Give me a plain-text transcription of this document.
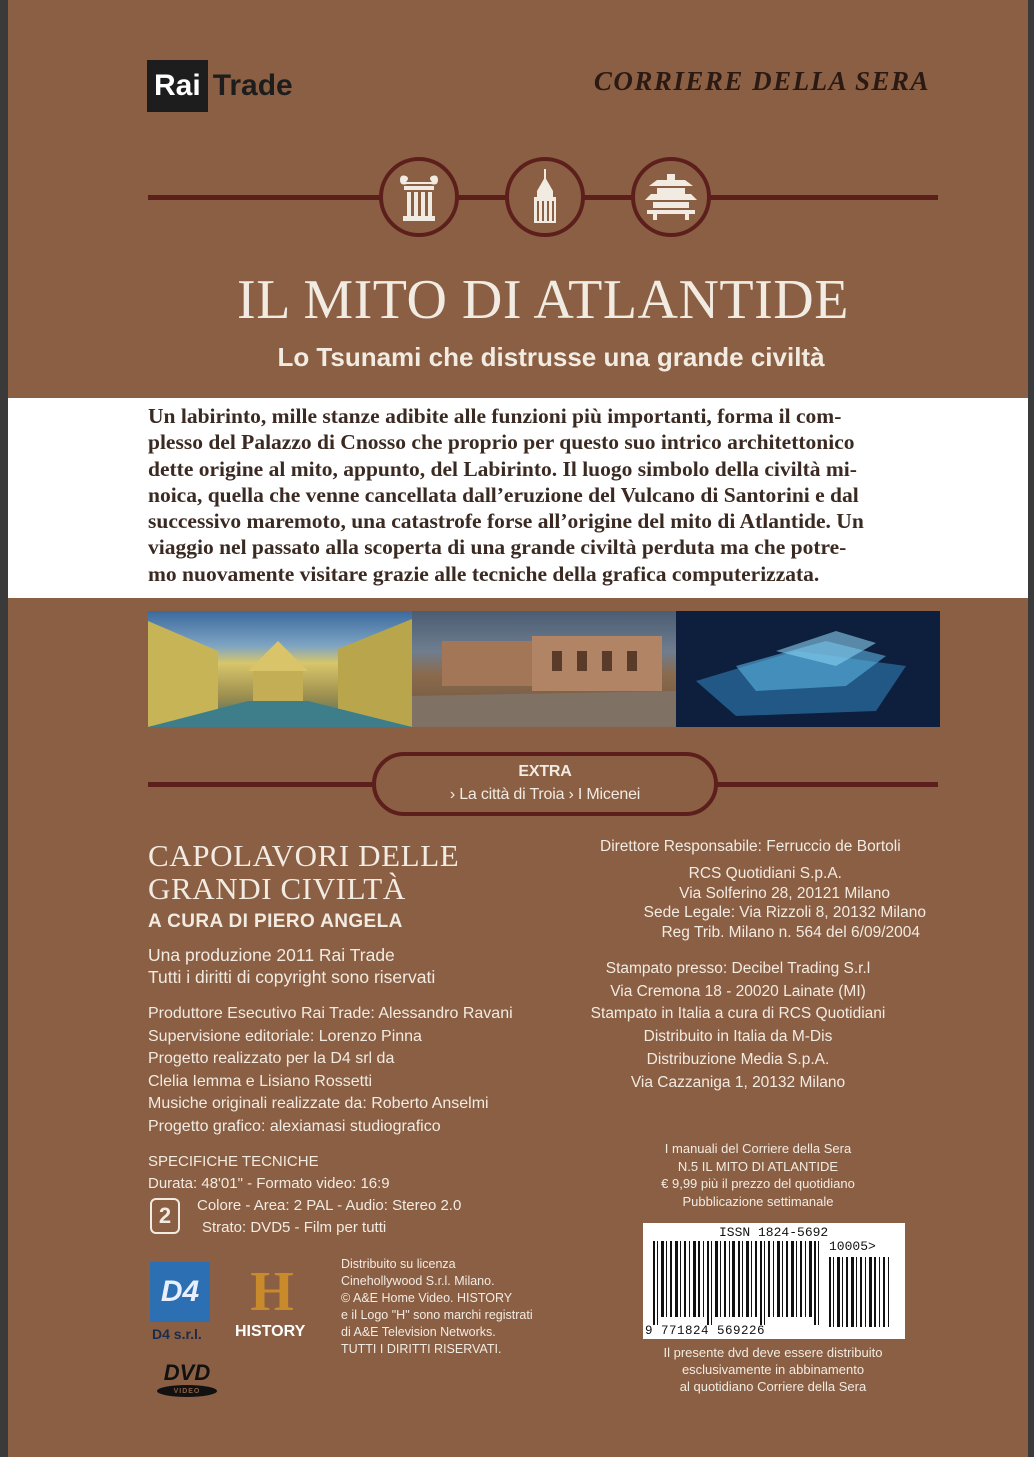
Rai Trade	CORRIERE DELLA SERA
IL MITO DI ATLANTIDE
Lo Tsunami che distrusse una grande civiltà
Un labirinto, mille stanze adibite alle funzioni più importanti, forma il com-
plesso del Palazzo di Cnosso che proprio per questo suo intrico architettonico
dette origine al mito, appunto, del Labirinto. Il luogo simbolo della civiltà mi-
noica, quella che venne cancellata dall’eruzione del Vulcano di Santorini e dal
successivo maremoto, una catastrofe forse all’origine del mito di Atlantide. Un
viaggio nel passato alla scoperta di una grande civiltà perduta ma che potre-
mo nuovamente visitare grazie alle tecniche della grafica computerizzata.
EXTRA
› La città di Troia › I Micenei
CAPOLAVORI DELLE
GRANDI CIVILTÀ
A CURA DI PIERO ANGELA
Una produzione 2011 Rai Trade
Tutti i diritti di copyright sono riservati
Produttore Esecutivo Rai Trade: Alessandro Ravani
Supervisione editoriale: Lorenzo Pinna
Progetto realizzato per la D4 srl da
Clelia Iemma e Lisiano Rossetti
Musiche originali realizzate da: Roberto Anselmi
Progetto grafico: alexiamasi studiografico
SPECIFICHE TECNICHE
Durata: 48'01" - Formato video: 16:9
2 Colore - Area: 2 PAL - Audio: Stereo 2.0
Strato: DVD5 - Film per tutti
D4
D4 s.r.l.
H
HISTORY
DVD
VIDEO
Distribuito su licenza
Cinehollywood S.r.l. Milano.
© A&E Home Video. HISTORY
e il Logo "H" sono marchi registrati
di A&E Television Networks.
TUTTI I DIRITTI RISERVATI.
Direttore Responsabile: Ferruccio de Bortoli
RCS Quotidiani S.p.A.
Via Solferino 28, 20121 Milano
Sede Legale: Via Rizzoli 8, 20132 Milano
Reg Trib. Milano n. 564 del 6/09/2004
Stampato presso: Decibel Trading S.r.l
Via Cremona 18 - 20020 Lainate (MI)
Stampato in Italia a cura di RCS Quotidiani
Distribuito in Italia da M-Dis
Distribuzione Media S.p.A.
Via Cazzaniga 1, 20132 Milano
I manuali del Corriere della Sera
N.5 IL MITO DI ATLANTIDE
€ 9,99 più il prezzo del quotidiano
Pubblicazione settimanale
ISSN 1824-5692
10005>
9 771824 569226
Il presente dvd deve essere distribuito
esclusivamente in abbinamento
al quotidiano Corriere della Sera
